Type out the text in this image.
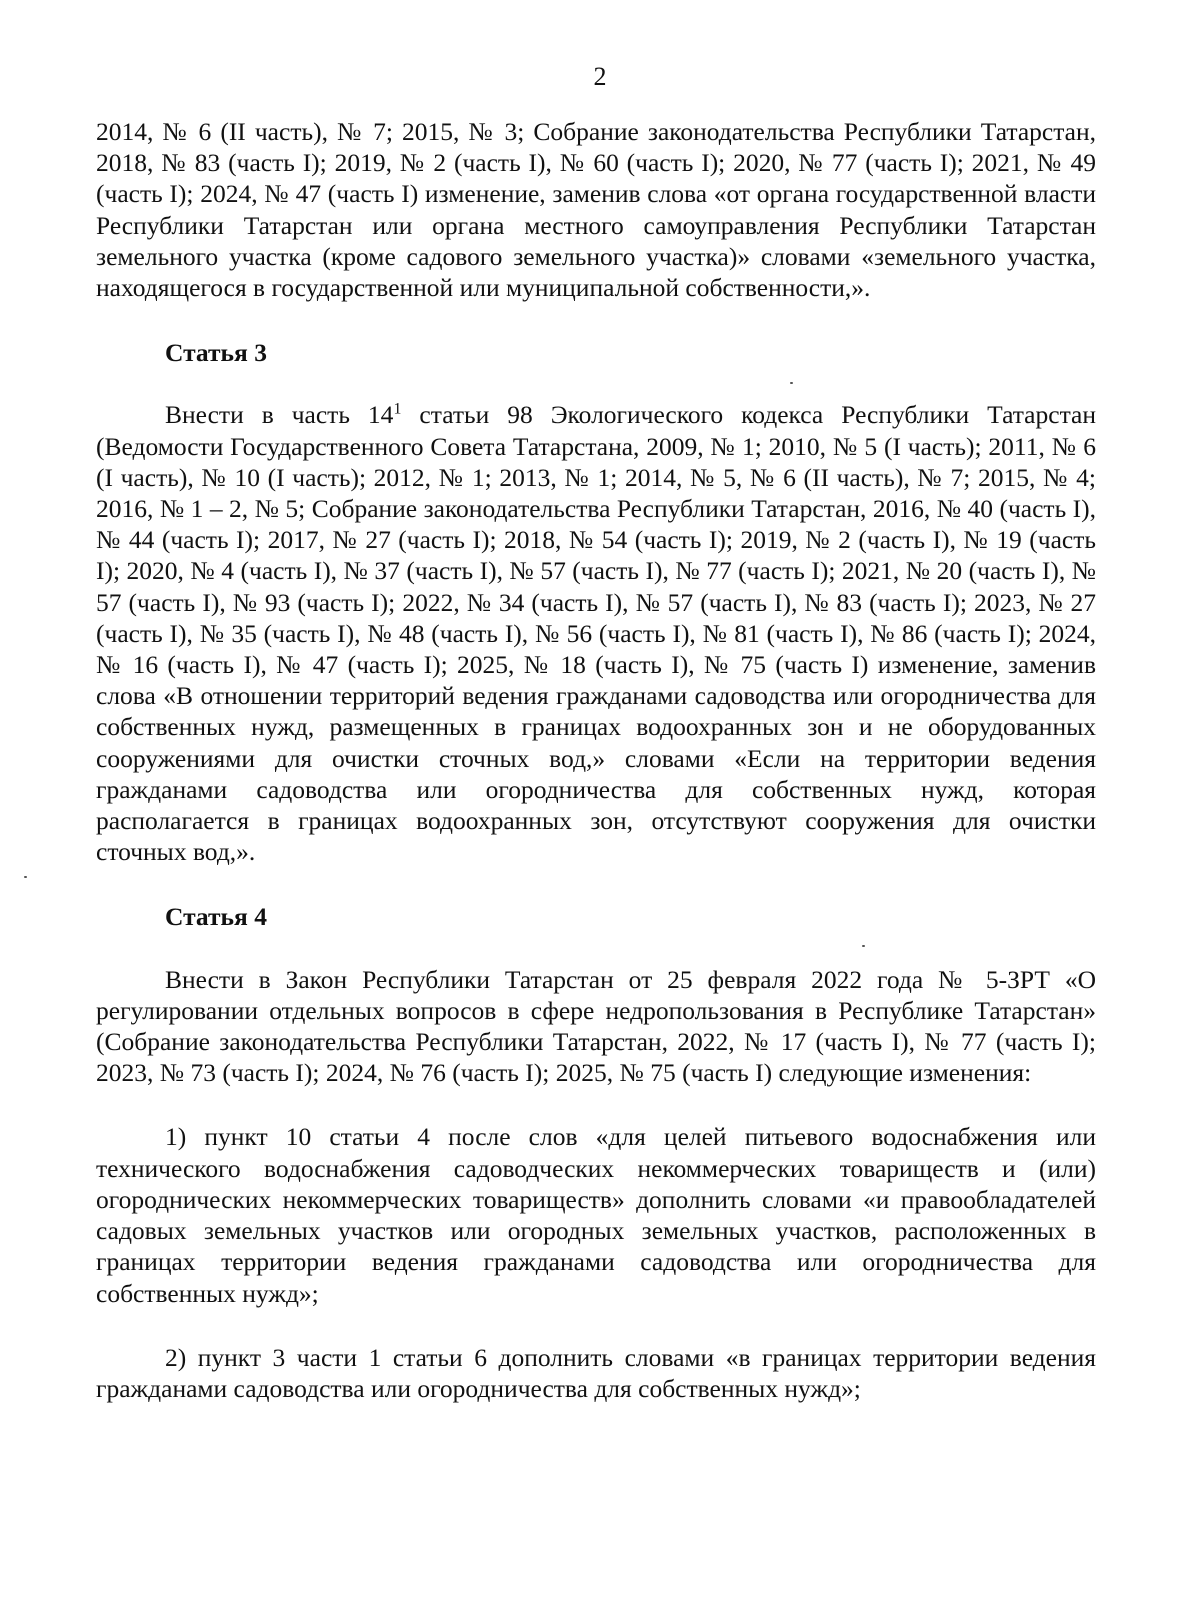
2

2014, № 6 (II часть), № 7; 2015, № 3; Собрание законодательства Республики Татарстан, 2018, № 83 (часть I); 2019, № 2 (часть I), № 60 (часть I); 2020, № 77 (часть I); 2021, № 49 (часть I); 2024, № 47 (часть I) изменение, заменив слова «от органа государственной власти Республики Татарстан или органа местного самоуправления Республики Татарстан земельного участка (кроме садового земельного участка)» словами «земельного участка, находящегося в государственной или муниципальной собственности,».

Статья 3

Внести в часть $14^1$ статьи 98 Экологического кодекса Республики Татарстан (Ведомости Государственного Совета Татарстана, 2009, № 1; 2010, № 5 (I часть); 2011, № 6 (I часть), № 10 (I часть); 2012, № 1; 2013, № 1; 2014, № 5, № 6 (II часть), № 7; 2015, № 4; 2016, № 1 – 2, № 5; Собрание законодательства Республики Татарстан, 2016, № 40 (часть I), № 44 (часть I); 2017, № 27 (часть I); 2018, № 54 (часть I); 2019, № 2 (часть I), № 19 (часть I); 2020, № 4 (часть I), № 37 (часть I), № 57 (часть I), № 77 (часть I); 2021, № 20 (часть I), № 57 (часть I), № 93 (часть I); 2022, № 34 (часть I), № 57 (часть I), № 83 (часть I); 2023, № 27 (часть I), № 35 (часть I), № 48 (часть I), № 56 (часть I), № 81 (часть I), № 86 (часть I); 2024, № 16 (часть I), № 47 (часть I); 2025, № 18 (часть I), № 75 (часть I) изменение, заменив слова «В отношении территорий ведения гражданами садоводства или огородничества для собственных нужд, размещенных в границах водоохранных зон и не оборудованных сооружениями для очистки сточных вод,» словами «Если на территории ведения гражданами садоводства или огородничества для собственных нужд, которая располагается в границах водоохранных зон, отсутствуют сооружения для очистки сточных вод,».

Статья 4

Внести в Закон Республики Татарстан от 25 февраля 2022 года № 5-ЗРТ «О регулировании отдельных вопросов в сфере недропользования в Республике Татарстан» (Собрание законодательства Республики Татарстан, 2022, № 17 (часть I), № 77 (часть I); 2023, № 73 (часть I); 2024, № 76 (часть I); 2025, № 75 (часть I) следующие изменения:

1) пункт 10 статьи 4 после слов «для целей питьевого водоснабжения или технического водоснабжения садоводческих некоммерческих товариществ и (или) огороднических некоммерческих товариществ» дополнить словами «и правообладателей садовых земельных участков или огородных земельных участков, расположенных в границах территории ведения гражданами садоводства или огородничества для собственных нужд»;

2) пункт 3 части 1 статьи 6 дополнить словами «в границах территории ведения гражданами садоводства или огородничества для собственных нужд»;
